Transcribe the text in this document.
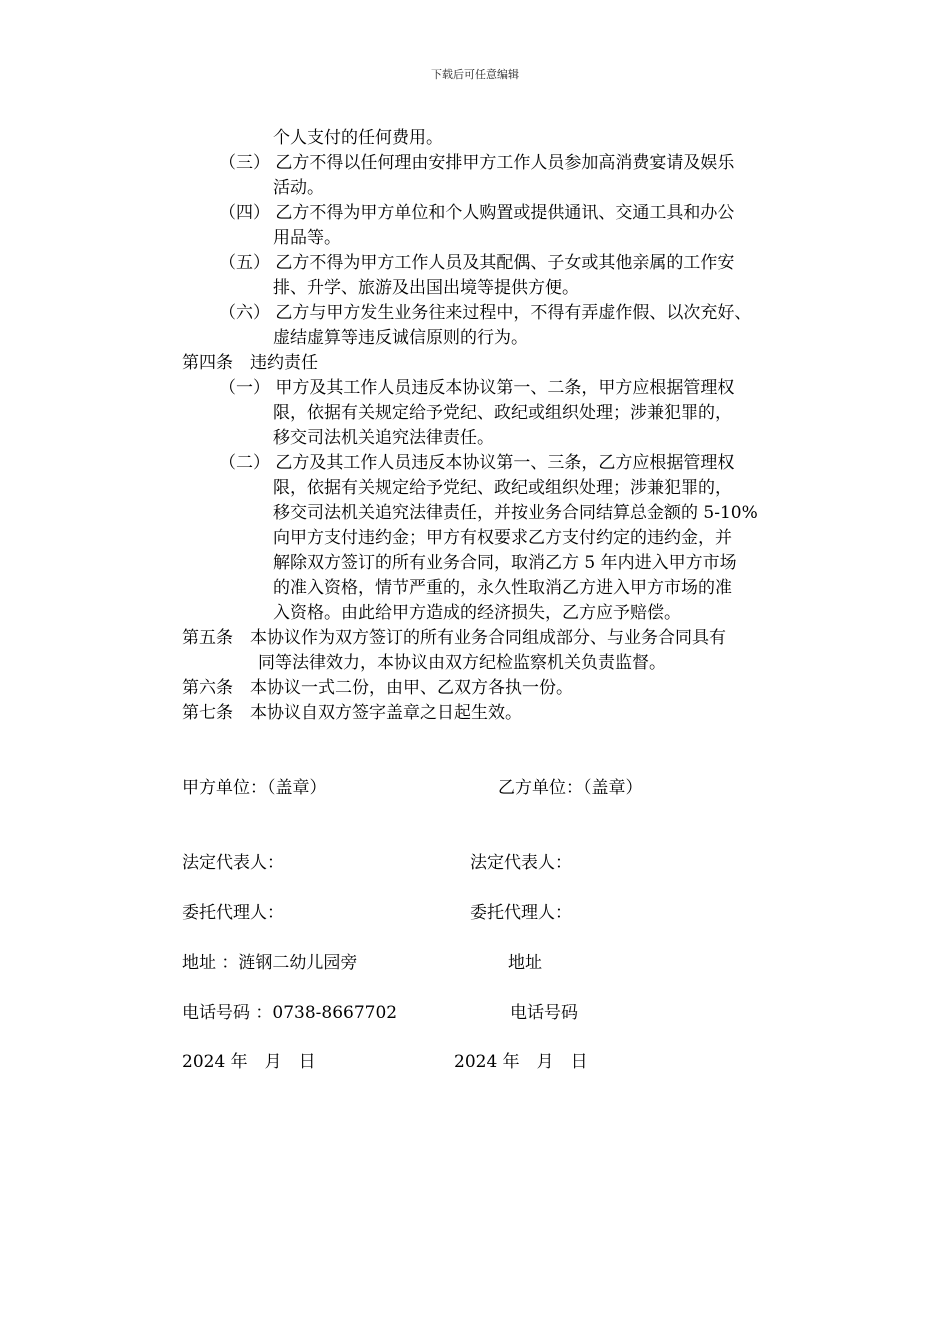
下载后可任意编辑
个人支付的任何费用。
（三） 乙方不得以任何理由安排甲方工作人员参加高消费宴请及娱乐
活动。
（四） 乙方不得为甲方单位和个人购置或提供通讯、交通工具和办公
用品等。
（五） 乙方不得为甲方工作人员及其配偶、子女或其他亲属的工作安
排、升学、旅游及出国出境等提供方便。
（六） 乙方与甲方发生业务往来过程中，不得有弄虚作假、以次充好、
虚结虚算等违反诚信原则的行为。
第四条　违约责任
（一） 甲方及其工作人员违反本协议第一、二条，甲方应根据管理权
限，依据有关规定给予党纪、政纪或组织处理；涉兼犯罪的，
移交司法机关追究法律责任。
（二） 乙方及其工作人员违反本协议第一、三条，乙方应根据管理权
限，依据有关规定给予党纪、政纪或组织处理；涉兼犯罪的，
移交司法机关追究法律责任，并按业务合同结算总金额的 5-10%
向甲方支付违约金；甲方有权要求乙方支付约定的违约金，并
解除双方签订的所有业务合同，取消乙方 5 年内进入甲方市场
的准入资格，情节严重的，永久性取消乙方进入甲方市场的准
入资格。由此给甲方造成的经济损失，乙方应予赔偿。
第五条　本协议作为双方签订的所有业务合同组成部分、与业务合同具有
同等法律效力，本协议由双方纪检监察机关负责监督。
第六条　本协议一式二份，由甲、乙双方各执一份。
第七条　本协议自双方签字盖章之日起生效。
甲方单位：（盖章）	乙方单位：（盖章）
法定代表人：	法定代表人：
委托代理人：	委托代理人：
地址 ：涟钢二幼儿园旁	地址
电话号码 ：0738-8667702	电话号码
2024 年　月　日	2024 年　月　日
